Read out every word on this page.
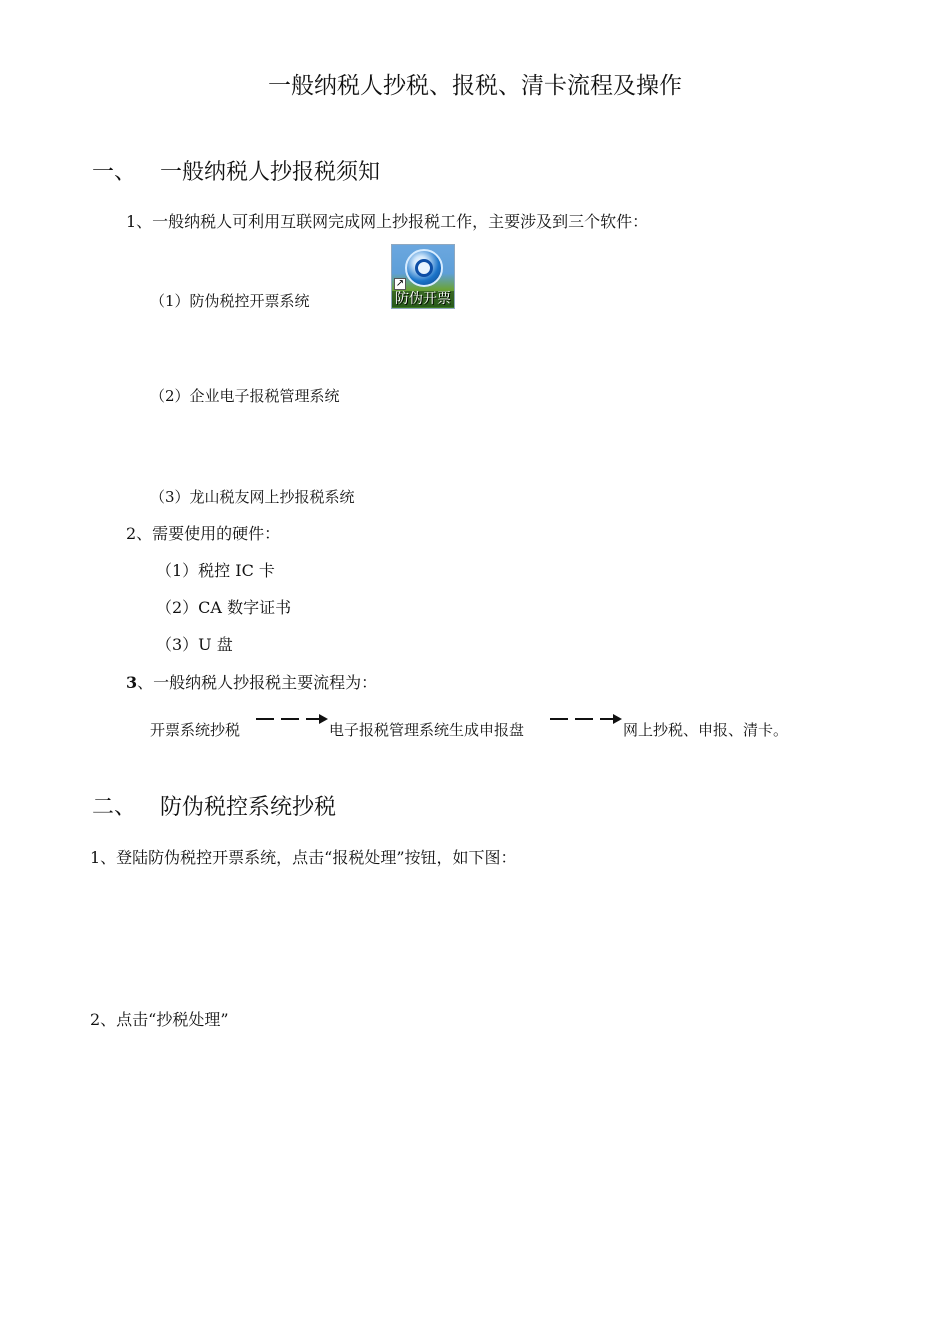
一般纳税人抄税、报税、清卡流程及操作
一、 一般纳税人抄报税须知
1、一般纳税人可利用互联网完成网上抄报税工作，主要涉及到三个软件：
（1）防伪税控开票系统
↗
防伪开票
（2）企业电子报税管理系统
（3）龙山税友网上抄报税系统
2、需要使用的硬件：
（1）税控 IC 卡
（2）CA 数字证书
（3）U 盘
3、一般纳税人抄报税主要流程为：
开票系统抄税	电子报税管理系统生成申报盘	网上抄税、申报、清卡。
二、 防伪税控系统抄税
1、登陆防伪税控开票系统，点击“报税处理”按钮，如下图：
2、点击“抄税处理”
